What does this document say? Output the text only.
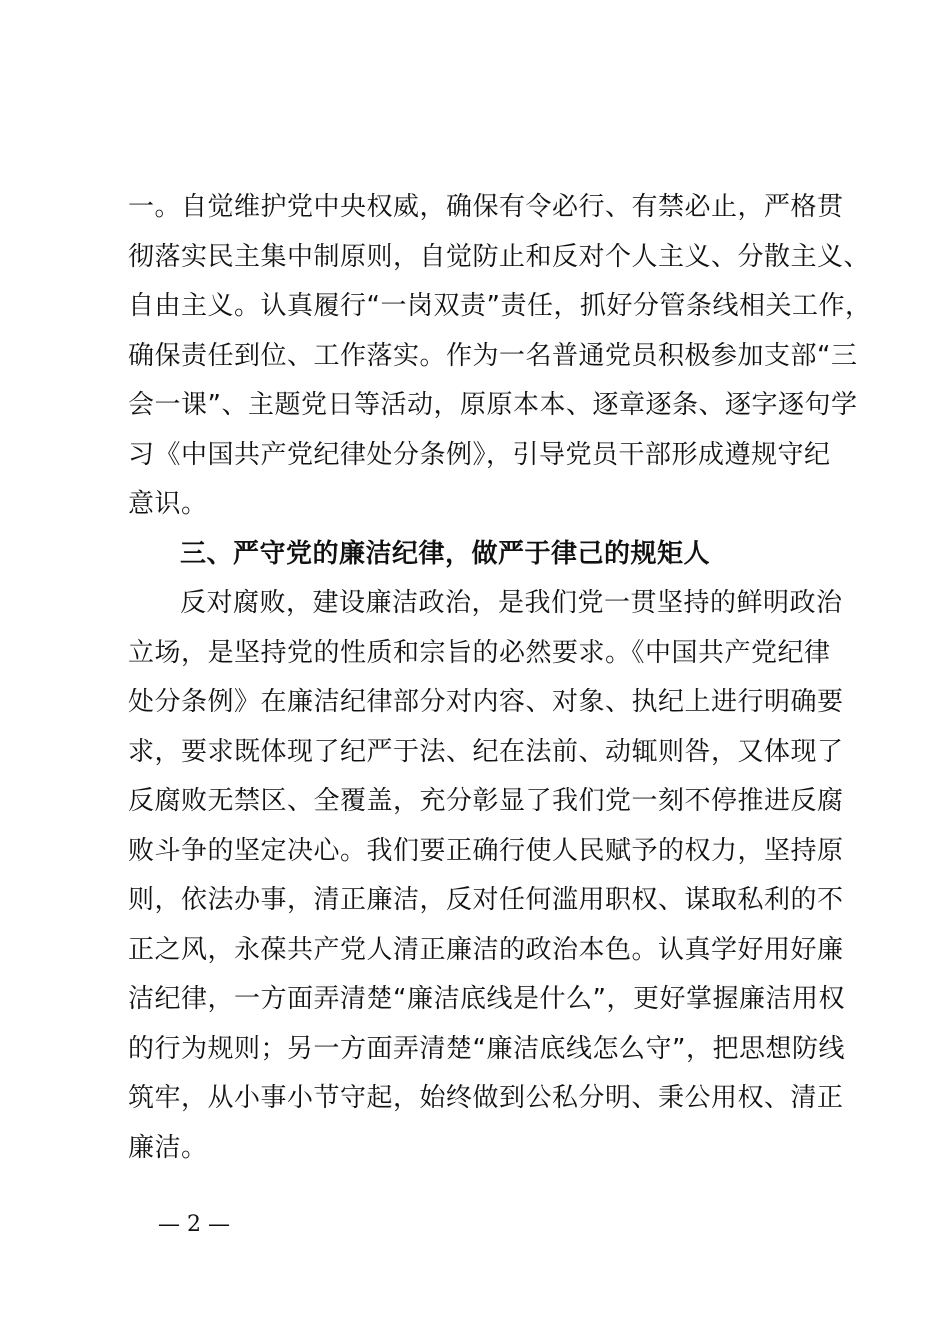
一。自觉维护党中央权威，确保有令必行、有禁必止，严格贯
彻落实民主集中制原则，自觉防止和反对个人主义、分散主义、
自由主义。认真履行“一岗双责”责任，抓好分管条线相关工作，
确保责任到位、工作落实。作为一名普通党员积极参加支部“三
会一课”、主题党日等活动，原原本本、逐章逐条、逐字逐句学
习《中国共产党纪律处分条例》，引导党员干部形成遵规守纪
意识。
三、严守党的廉洁纪律，做严于律己的规矩人
反对腐败，建设廉洁政治，是我们党一贯坚持的鲜明政治
立场，是坚持党的性质和宗旨的必然要求。《中国共产党纪律
处分条例》在廉洁纪律部分对内容、对象、执纪上进行明确要
求，要求既体现了纪严于法、纪在法前、动辄则咎，又体现了
反腐败无禁区、全覆盖，充分彰显了我们党一刻不停推进反腐
败斗争的坚定决心。我们要正确行使人民赋予的权力，坚持原
则，依法办事，清正廉洁，反对任何滥用职权、谋取私利的不
正之风，永葆共产党人清正廉洁的政治本色。认真学好用好廉
洁纪律，一方面弄清楚“廉洁底线是什么”，更好掌握廉洁用权
的行为规则；另一方面弄清楚“廉洁底线怎么守”，把思想防线
筑牢，从小事小节守起，始终做到公私分明、秉公用权、清正
廉洁。
— 2 —
